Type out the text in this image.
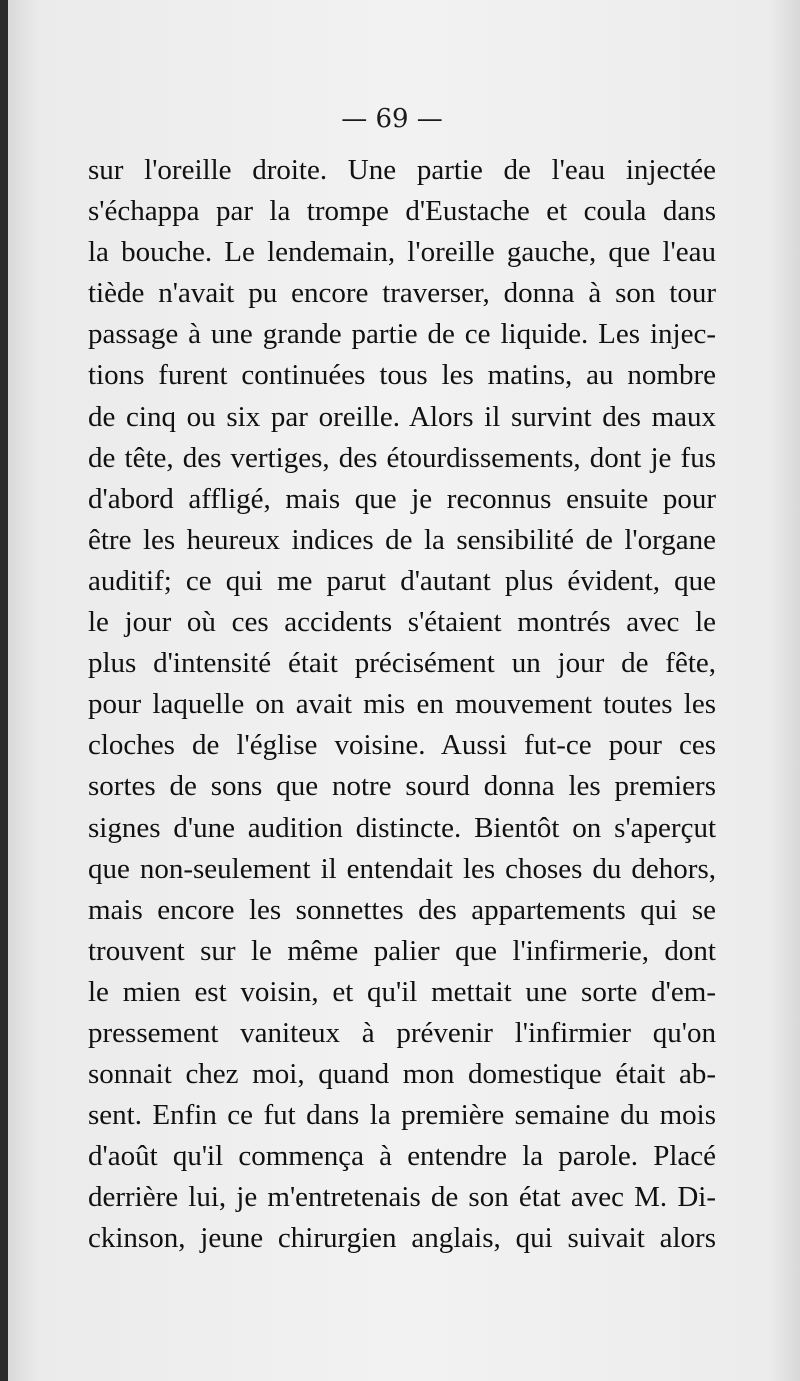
— 69 —
sur l'oreille droite. Une partie de l'eau injectée
s'échappa par la trompe d'Eustache et coula dans
la bouche. Le lendemain, l'oreille gauche, que l'eau
tiède n'avait pu encore traverser, donna à son tour
passage à une grande partie de ce liquide. Les injec-
tions furent continuées tous les matins, au nombre
de cinq ou six par oreille. Alors il survint des maux
de tête, des vertiges, des étourdissements, dont je fus
d'abord affligé, mais que je reconnus ensuite pour
être les heureux indices de la sensibilité de l'organe
auditif; ce qui me parut d'autant plus évident, que
le jour où ces accidents s'étaient montrés avec le
plus d'intensité était précisément un jour de fête,
pour laquelle on avait mis en mouvement toutes les
cloches de l'église voisine. Aussi fut-ce pour ces
sortes de sons que notre sourd donna les premiers
signes d'une audition distincte. Bientôt on s'aperçut
que non-seulement il entendait les choses du dehors,
mais encore les sonnettes des appartements qui se
trouvent sur le même palier que l'infirmerie, dont
le mien est voisin, et qu'il mettait une sorte d'em-
pressement vaniteux à prévenir l'infirmier qu'on
sonnait chez moi, quand mon domestique était ab-
sent. Enfin ce fut dans la première semaine du mois
d'août qu'il commença à entendre la parole. Placé
derrière lui, je m'entretenais de son état avec M. Di-
ckinson, jeune chirurgien anglais, qui suivait alors
